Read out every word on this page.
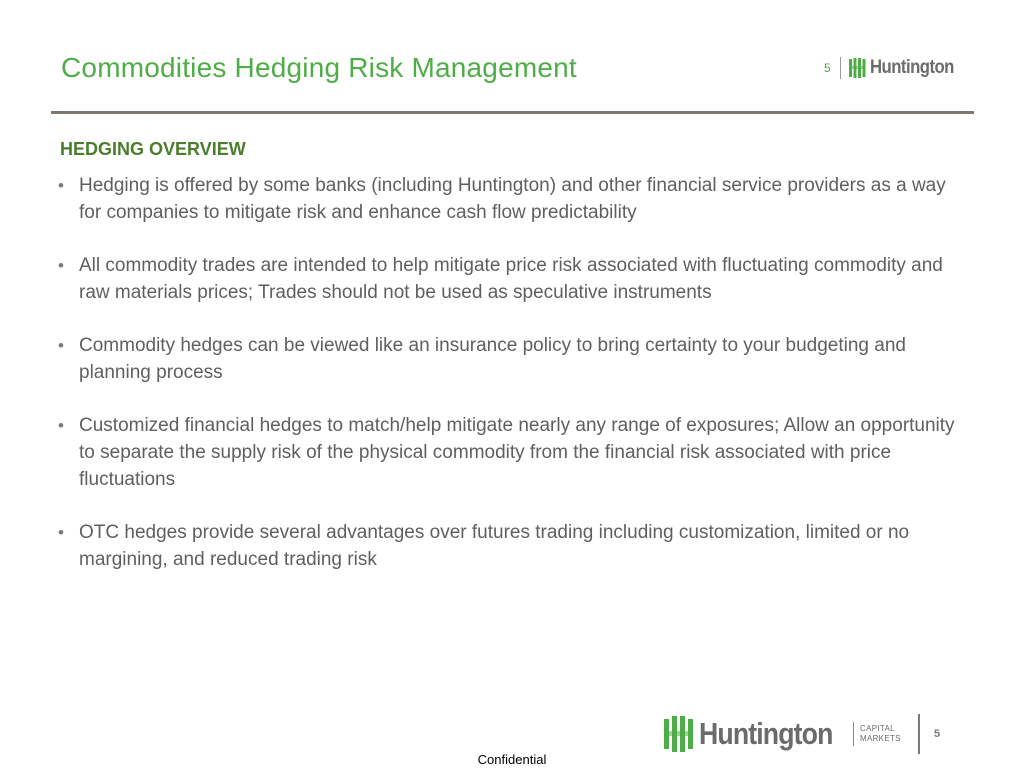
Commodities Hedging Risk Management	5 Huntington
HEDGING OVERVIEW
• Hedging is offered by some banks (including Huntington) and other financial service providers as a way for companies to mitigate risk and enhance cash flow predictability
• All commodity trades are intended to help mitigate price risk associated with fluctuating commodity and raw materials prices; Trades should not be used as speculative instruments
• Commodity hedges can be viewed like an insurance policy to bring certainty to your budgeting and planning process
• Customized financial hedges to match/help mitigate nearly any range of exposures; Allow an opportunity to separate the supply risk of the physical commodity from the financial risk associated with price fluctuations
• OTC hedges provide several advantages over futures trading including customization, limited or no margining, and reduced trading risk
Huntington	CAPITAL
MARKETS	5
Confidential
